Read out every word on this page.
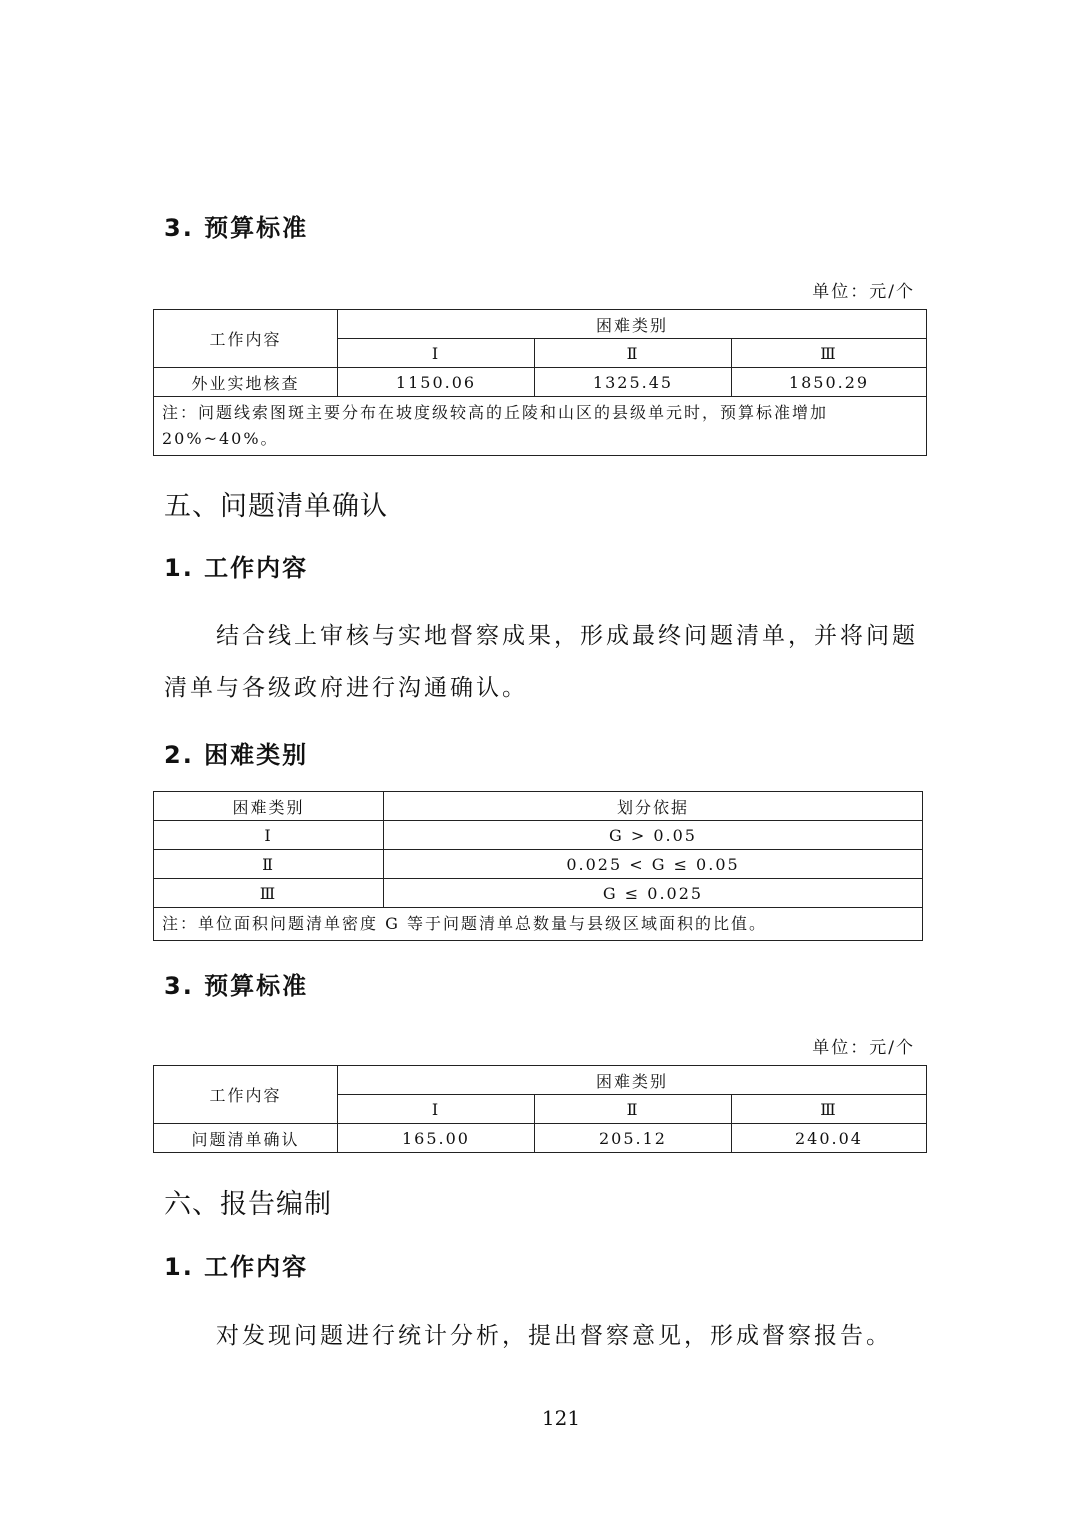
3. 预算标准
单位：元/个
工作内容	困难类别		
	Ⅰ	Ⅱ	Ⅲ
外业实地核查	1150.06	1325.45	1850.29
注：问题线索图斑主要分布在坡度级较高的丘陵和山区的县级单元时，预算标准增加 20%~40%。			
五、问题清单确认
1. 工作内容

结合线上审核与实地督察成果，形成最终问题清单，并将问题清单与各级政府进行沟通确认。

2. 困难类别
困难类别	划分依据
Ⅰ	G > 0.05
Ⅱ	0.025 < G ≤ 0.05
Ⅲ	G ≤ 0.025
注：单位面积问题清单密度 G 等于问题清单总数量与县级区域面积的比值。	
3. 预算标准
单位：元/个
工作内容	困难类别		
	Ⅰ	Ⅱ	Ⅲ
问题清单确认	165.00	205.12	240.04
六、报告编制
1. 工作内容

对发现问题进行统计分析，提出督察意见，形成督察报告。

121
